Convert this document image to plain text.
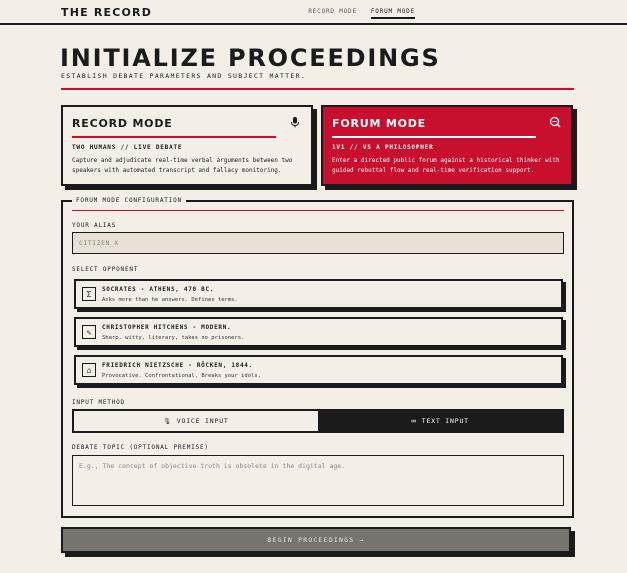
THE RECORD	RECORD MODE FORUM MODE
INITIALIZE PROCEEDINGS
ESTABLISH DEBATE PARAMETERS AND SUBJECT MATTER.
RECORD MODE
TWO HUMANS // LIVE DEBATE
Capture and adjudicate real-time verbal arguments between two speakers with automated transcript and fallacy monitoring.
FORUM MODE
1V1 // VS A PHILOSOPHER
Enter a directed public forum against a historical thinker with guided rebuttal flow and real-time verification support.
FORUM MODE CONFIGURATION
YOUR ALIAS
CITIZEN_X
SELECT OPPONENT
Σ	SOCRATES - ATHENS, 470 BC.
Asks more than he answers. Defines terms.
✎	CHRISTOPHER HITCHENS - MODERN.
Sharp, witty, literary, takes no prisoners.
⌂	FRIEDRICH NIETZSCHE - RÖCKEN, 1844.
Provocative. Confrontational. Breaks your idols.
INPUT METHOD
🎙 VOICE INPUT	⌨ TEXT INPUT
DEBATE TOPIC (OPTIONAL PREMISE)
E.g., The concept of objective truth is obsolete in the digital age.
BEGIN PROCEEDINGS →
